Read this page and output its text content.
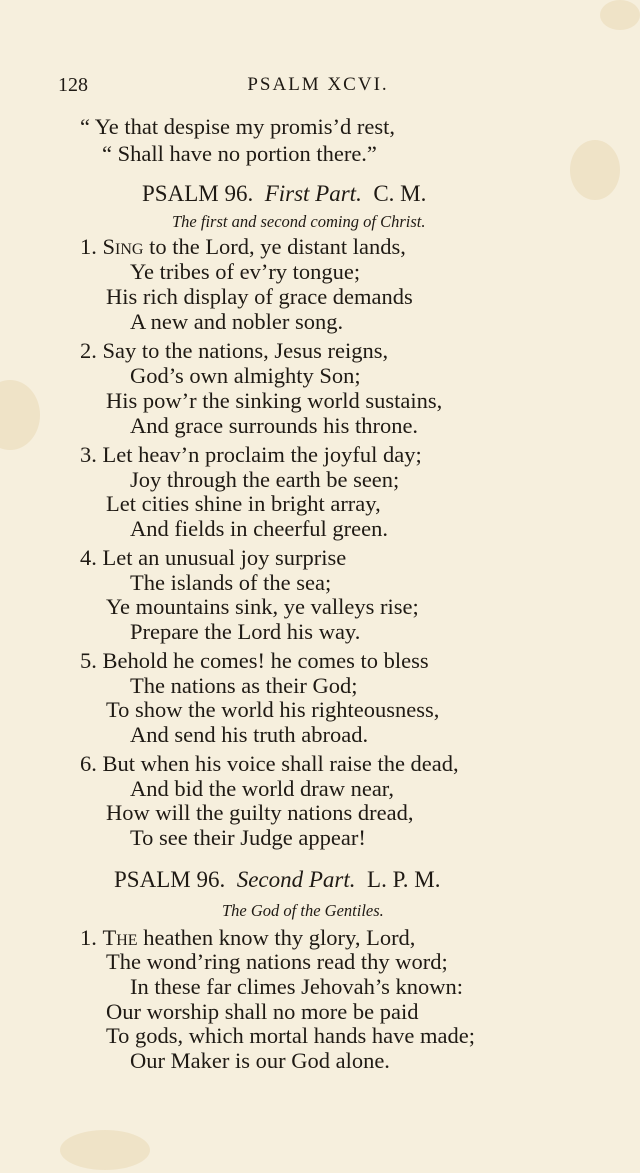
128	PSALM XCVI.
“ Ye that despise my promis’d rest,
“ Shall have no portion there.”
PSALM 96. First Part. C. M.
The first and second coming of Christ.
1. Sing to the Lord, ye distant lands,
Ye tribes of ev’ry tongue;
His rich display of grace demands
A new and nobler song.
2. Say to the nations, Jesus reigns,
God’s own almighty Son;
His pow’r the sinking world sustains,
And grace surrounds his throne.
3. Let heav’n proclaim the joyful day;
Joy through the earth be seen;
Let cities shine in bright array,
And fields in cheerful green.
4. Let an unusual joy surprise
The islands of the sea;
Ye mountains sink, ye valleys rise;
Prepare the Lord his way.
5. Behold he comes! he comes to bless
The nations as their God;
To show the world his righteousness,
And send his truth abroad.
6. But when his voice shall raise the dead,
And bid the world draw near,
How will the guilty nations dread,
To see their Judge appear!
PSALM 96. Second Part. L. P. M.
The God of the Gentiles.
1. The heathen know thy glory, Lord,
The wond’ring nations read thy word;
In these far climes Jehovah’s known:
Our worship shall no more be paid
To gods, which mortal hands have made;
Our Maker is our God alone.
